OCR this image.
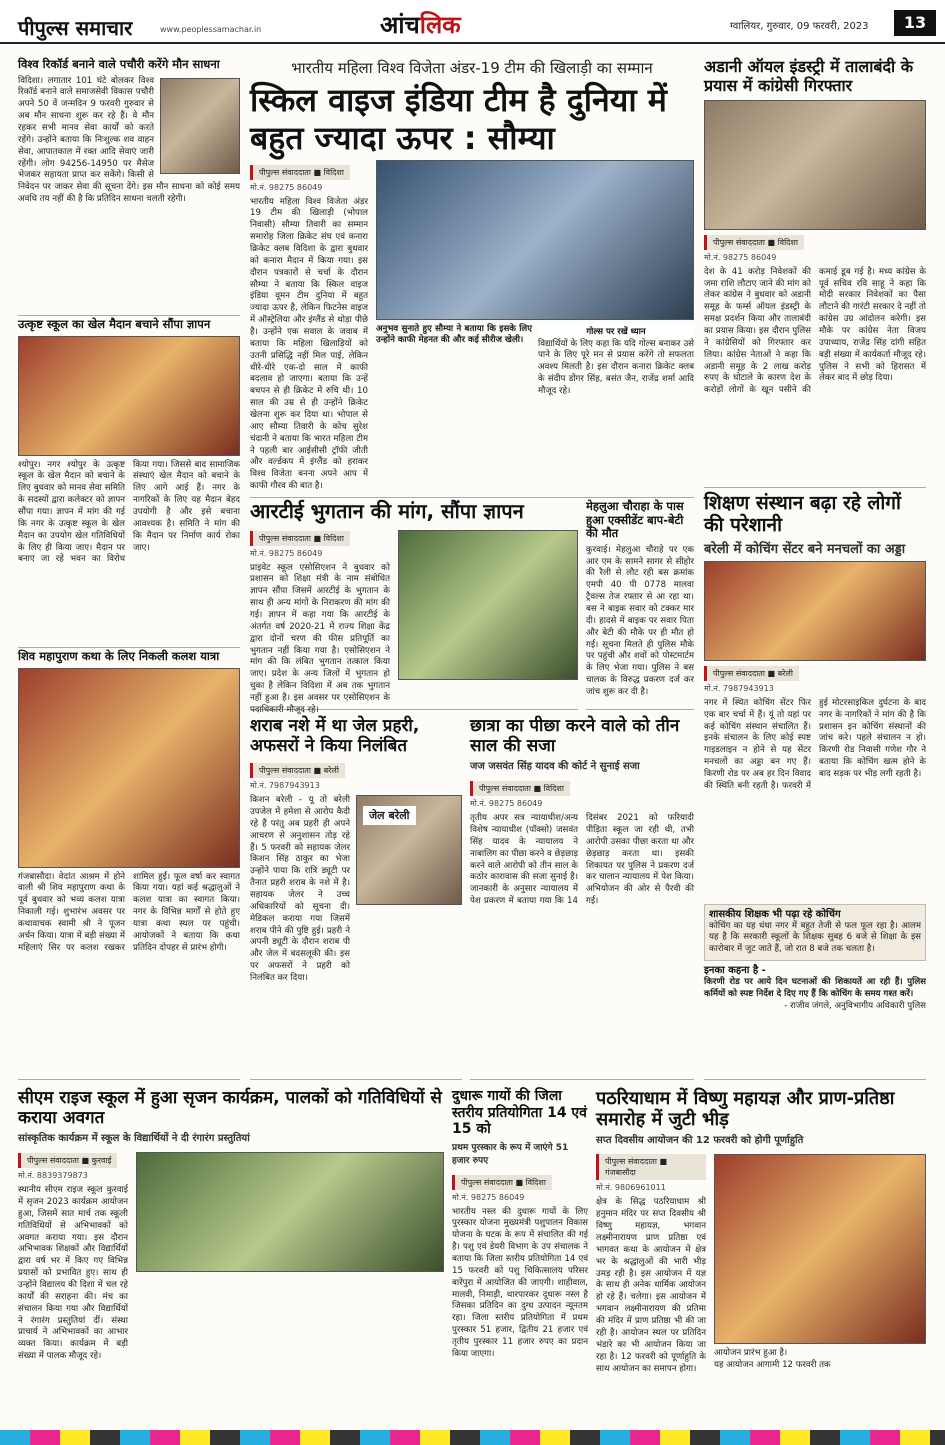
पीपुल्स समाचार	www.peoplessamachar.in	आंचलिक	ग्वालियर, गुरुवार, 09 फरवरी, 2023	13
विश्व रिकॉर्ड बनाने वाले पचौरी करेंगे मौन साधना
विदिशा। लगातार 101 घंटे बोलकर विश्व रिकॉर्ड बनाने वाले समाजसेवी विकास पचौरी अपने 50 वें जन्मदिन 9 फरवरी गुरुवार से अब मौन साधना शुरू कर रहे हैं। वे मौन रहकर सभी मानव सेवा कार्यों को करते रहेंगे। उन्होंने बताया कि निःशुल्क शव वाहन सेवा, आपातकाल में रक्त आदि सेवाएं जारी रहेंगी। लोग 94256-14950 पर मैसेज भेजकर सहायता प्राप्त कर सकेंगे। किसी से निवेदन पर जाकर सेवा की सूचना देंगे। इस मौन साधना को कोई समय अवधि तय नहीं की है कि प्रतिदिन साधना चलती रहेगी।
उत्कृष्ट स्कूल का खेल मैदान बचाने सौंपा ज्ञापन
श्योपुर। नगर श्योपुर के उत्कृष्ट स्कूल के खेल मैदान को बचाने के लिए बुधवार को मानव सेवा समिति के सदस्यों द्वारा कलेक्टर को ज्ञापन सौंपा गया। ज्ञापन में मांग की गई कि नगर के उत्कृष्ट स्कूल के खेल मैदान का उपयोग खेल गतिविधियों के लिए ही किया जाए। मैदान पर बनाए जा रहे भवन का विरोध किया गया। जिससे बाद सामाजिक संस्थाएं खेल मैदान को बचाने के लिए आगे आई हैं। नगर के नागरिकों के लिए यह मैदान बेहद उपयोगी है और इसे बचाना आवश्यक है। समिति ने मांग की कि मैदान पर निर्माण कार्य रोका जाए।
शिव महापुराण कथा के लिए निकली कलश यात्रा
गंजबासौदा। वेदांत आश्रम में होने वाली श्री शिव महापुराण कथा के पूर्व बुधवार को भव्य कलश यात्रा निकाली गई। शुभारंभ अवसर पर कथावाचक स्वामी श्री ने पूजन अर्चन किया। यात्रा में बड़ी संख्या में महिलाएं सिर पर कलश रखकर शामिल हुईं। फूल वर्षा कर स्वागत किया गया। यहां कई श्रद्धालुओं ने कलश यात्रा का स्वागत किया। नगर के विभिन्न मार्गों से होते हुए यात्रा कथा स्थल पर पहुंची। आयोजकों ने बताया कि कथा प्रतिदिन दोपहर से प्रारंभ होगी।
भारतीय महिला विश्व विजेता अंडर-19 टीम की खिलाड़ी का सम्मान
स्किल वाइज इंडिया टीम है दुनिया में बहुत ज्यादा ऊपर : सौम्या
पीपुल्स संवाददाता ■ विदिशा
मो.नं. 98275 86049
भारतीय महिला विश्व विजेता अंडर 19 टीम की खिलाड़ी (भोपाल निवासी) सौम्या तिवारी का सम्मान समारोह जिला क्रिकेट संघ एवं कनारा क्रिकेट क्लब विदिशा के द्वारा बुधवार को कनारा मैदान में किया गया। इस दौरान पत्रकारों से चर्चा के दौरान सौम्या ने बताया कि स्किल वाइज इंडिया वूमन टीम दुनिया में बहुत ज्यादा ऊपर है, लेकिन फिटनेस वाइज में ऑस्ट्रेलिया और इंग्लैंड से थोड़ा पीछे है। उन्होंने एक सवाल के जवाब में बताया कि महिला खिलाड़ियों को उतनी प्रसिद्धि नहीं मिल पाई, लेकिन धीरे-धीरे एक-दो साल में काफी बदलाव हो जाएगा। बताया कि उन्हें बचपन से ही क्रिकेट में रुचि थी। 10 साल की उम्र से ही उन्होंने क्रिकेट खेलना शुरू कर दिया था। भोपाल से आए सौम्या तिवारी के कोच सुरेश चंदानी ने बताया कि भारत महिला टीम ने पहली बार आईसीसी ट्रॉफी जीती और वर्ल्डकप में इंग्लैंड को हराकर विश्व विजेता बनना अपने आप में काफी गौरव की बात है।
अनुभव सुनाते हुए सौम्या ने बताया कि इसके लिए उन्होंने काफी मेहनत की और कई सीरीज खेली।
गोल्स पर रखें ध्यान
विद्यार्थियों के लिए कहा कि यदि गोल्स बनाकर उसे पाने के लिए पूरे मन से प्रयास करेंगे तो सफलता अवश्य मिलती है। इस दौरान कनारा क्रिकेट क्लब के संदीप डोंगर सिंह, बसंत जैन, राजेंद्र शर्मा आदि मौजूद रहे।
अडानी ऑयल इंडस्ट्री में तालाबंदी के प्रयास में कांग्रेसी गिरफ्तार
पीपुल्स संवाददाता ■ विदिशा
मो.नं. 98275 86049
देश के 41 करोड़ निवेशकों की जमा राशि लौटाए जाने की मांग को लेकर कांग्रेस ने बुधवार को अडानी समूह के फर्म्स ऑयल इंडस्ट्री के समक्ष प्रदर्शन किया और तालाबंदी का प्रयास किया। इस दौरान पुलिस ने कांग्रेसियों को गिरफ्तार कर लिया। कांग्रेस नेताओं ने कहा कि अडानी समूह के 2 लाख करोड़ रुपए के घोटाले के कारण देश के करोड़ों लोगों के खून पसीने की कमाई डूब गई है। मध्य कांग्रेस के पूर्व सचिव रवि साहू ने कहा कि मोदी सरकार निवेशकों का पैसा लौटाने की गारंटी सरकार दे नहीं तो कांग्रेस उग्र आंदोलन करेगी। इस मौके पर कांग्रेस नेता विजय उपाध्याय, राजेंद्र सिंह दांगी सहित बड़ी संख्या में कार्यकर्ता मौजूद रहे। पुलिस ने सभी को हिरासत में लेकर बाद में छोड़ दिया।
आरटीई भुगतान की मांग, सौंपा ज्ञापन
पीपुल्स संवाददाता ■ विदिशा
मो.नं. 98275 86049
प्राइवेट स्कूल एसोसिएशन ने बुधवार को प्रशासन को शिक्षा मंत्री के नाम संबोधित ज्ञापन सौंपा जिसमें आरटीई के भुगतान के साथ ही अन्य मांगों के निराकरण की मांग की गई। ज्ञापन में कहा गया कि आरटीई के अंतर्गत वर्ष 2020-21 में राज्य शिक्षा केंद्र द्वारा दोनों चरण की फीस प्रतिपूर्ति का भुगतान नहीं किया गया है। एसोसिएशन ने मांग की कि लंबित भुगतान तत्काल किया जाए। प्रदेश के अन्य जिलों में भुगतान हो चुका है लेकिन विदिशा में अब तक भुगतान नहीं हुआ है। इस अवसर पर एसोसिएशन के पदाधिकारी मौजूद रहे।
मेहलुआ चौराहा के पास हुआ एक्सीडेंट बाप-बेटी की मौत
कुरवाई। मेहलुआ चौराहे पर एक आर एम के सामने सागर से सीहोर की रैली से लौट रही बस क्रमांक एमपी 40 पी 0778 मालवा ट्रैवल्स तेज रफ्तार से आ रहा था। बस ने बाइक सवार को टक्कर मार दी। हादसे में बाइक पर सवार पिता और बेटी की मौके पर ही मौत हो गई। सूचना मिलते ही पुलिस मौके पर पहुंची और शवों को पोस्टमार्टम के लिए भेजा गया। पुलिस ने बस चालक के विरुद्ध प्रकरण दर्ज कर जांच शुरू कर दी है।
शिक्षण संस्थान बढ़ा रहे लोगों की परेशानी
बरेली में कोचिंग सेंटर बने मनचलों का अड्डा
पीपुल्स संवाददाता ■ बरेली
मो.नं. 7987943913
नगर में स्थित कोचिंग सेंटर फिर एक बार चर्चा में हैं। यूं तो यहां पर कई कोचिंग संस्थान संचालित हैं। इनके संचालन के लिए कोई स्पष्ट गाइडलाइन न होने से यह सेंटर मनचलों का अड्डा बन गए हैं। किरणी रोड पर अब हर दिन विवाद की स्थिति बनी रहती है। फरवरी में हुई मोटरसाइकिल दुर्घटना के बाद नगर के नागरिकों ने मांग की है कि प्रशासन इन कोचिंग संस्थानों की जांच करे। पहले संचालन न हो। किरणी रोड निवासी गणेश गौर ने बताया कि कोचिंग खत्म होने के बाद सड़क पर भीड़ लगी रहती है।
शासकीय शिक्षक भी पढ़ा रहे कोचिंग
कोचिंग का यह धंधा नगर में बहुत तेजी से फल फूल रहा है। आलम यह है कि सरकारी स्कूलों के शिक्षक सुबह 6 बजे से शिक्षा के इस कारोबार में जुट जाते हैं, जो रात 8 बजे तक चलता है।
इनका कहना है -
किरणी रोड पर आये दिन घटनाओं की शिकायतें आ रही हैं। पुलिस कर्मियों को स्पष्ट निर्देश दे दिए गए हैं कि कोचिंग के समय गश्त करें।
- राजीव जंगले, अनुविभागीय अधिकारी पुलिस
शराब नशे में था जेल प्रहरी, अफसरों ने किया निलंबित
पीपुल्स संवाददाता ■ बरेली
मो.नं. 7987943913
किशन बरेली - यू तो बरेली उपजेल में हमेशा से आरोप कैदी रहे हैं परंतु अब प्रहरी ही अपने आचरण से अनुशासन तोड़ रहे हैं। 5 फरवरी को सहायक जेलर किशन सिंह ठाकुर का भेजा उन्होंने पाया कि रात्रि ड्यूटी पर तैनात प्रहरी शराब के नशे में है। सहायक जेलर ने उच्च अधिकारियों को सूचना दी। मेडिकल कराया गया जिसमें शराब पीने की पुष्टि हुई। प्रहरी ने अपनी ड्यूटी के दौरान शराब पी और जेल में बदसलूकी की। इस पर अफसरों ने प्रहरी को निलंबित कर दिया।
जेल बरेली
छात्रा का पीछा करने वाले को तीन साल की सजा
जज जसवंत सिंह यादव की कोर्ट ने सुनाई सजा
पीपुल्स संवाददाता ■ विदिशा
मो.नं. 98275 86049
तृतीय अपर सत्र न्यायाधीश/अन्य विशेष न्यायाधीश (पॉक्सो) जसवंत सिंह यादव के न्यायालय ने नाबालिग का पीछा करने व छेड़छाड़ करने वाले आरोपी को तीन साल के कठोर कारावास की सजा सुनाई है। जानकारी के अनुसार न्यायालय में पेश प्रकरण में बताया गया कि 14 दिसंबर 2021 को फरियादी पीड़िता स्कूल जा रही थी, तभी आरोपी उसका पीछा करता था और छेड़छाड़ करता था। इसकी शिकायत पर पुलिस ने प्रकरण दर्ज कर चालान न्यायालय में पेश किया। अभियोजन की ओर से पैरवी की गई।
सीएम राइज स्कूल में हुआ सृजन कार्यक्रम, पालकों को गतिविधियों से कराया अवगत
सांस्कृतिक कार्यक्रम में स्कूल के विद्यार्थियों ने दी रंगारंग प्रस्तुतियां
पीपुल्स संवाददाता ■ कुरवाई
मो.नं. 8839379873
स्थानीय सीएम राइज स्कूल कुरवाई में सृजन 2023 कार्यक्रम आयोजन हुआ, जिसमें सात मार्च तक स्कूली गतिविधियों से अभिभावकों को अवगत कराया गया। इस दौरान अभिभावक शिक्षकों और विद्यार्थियों द्वारा वर्ष भर में किए गए विभिन्न प्रयासों को प्रभावित हुए। साथ ही उन्होंने विद्यालय की दिशा में चल रहे कार्यों की सराहना की। मंच का संचालन किया गया और विद्यार्थियों ने रंगारंग प्रस्तुतियां दीं। संस्था प्राचार्य ने अभिभावकों का आभार व्यक्त किया। कार्यक्रम में बड़ी संख्या में पालक मौजूद रहे।
दुधारू गायों की जिला स्तरीय प्रतियोगिता 14 एवं 15 को
प्रथम पुरस्कार के रूप में जाएंगे 51 हजार रुपए
पीपुल्स संवाददाता ■ विदिशा
मो.नं. 98275 86049
भारतीय नस्ल की दुधारू गायों के लिए पुरस्कार योजना मुख्यमंत्री पशुपालन विकास योजना के घटक के रूप में संचालित की गई है। पशु एवं डेयरी विभाग के उप संचालक ने बताया कि जिला स्तरीय प्रतियोगिता 14 एवं 15 फरवरी को पशु चिकित्सालय परिसर बारेंपुरा में आयोजित की जाएगी। शाहीवाल, मालवी, निमाड़ी, थारपारकर दुधारू नस्ल है जिसका प्रतिदिन का दुग्ध उत्पादन न्यूनतम रहा। जिला स्तरीय प्रतियोगिता में प्रथम पुरस्कार 51 हजार, द्वितीय 21 हजार एवं तृतीय पुरस्कार 11 हजार रुपए का प्रदान किया जाएगा।
पठरियाधाम में विष्णु महायज्ञ और प्राण-प्रतिष्ठा समारोह में जुटी भीड़
सप्त दिवसीय आयोजन की 12 फरवरी को होगी पूर्णाहुति
पीपुल्स संवाददाता ■ गंजबासौदा
मो.नं. 9806961011
क्षेत्र के सिद्ध पठरियाधाम श्री हनुमान मंदिर पर सप्त दिवसीय श्री विष्णु महायज्ञ, भगवान लक्ष्मीनारायण प्राण प्रतिष्ठा एवं भागवत कथा के आयोजन में क्षेत्र भर के श्रद्धालुओं की भारी भीड़ उमड़ रही है। इस आयोजन में यज्ञ के साथ ही अनेक धार्मिक आयोजन हो रहे हैं। चलेगा। इस आयोजन में भगवान लक्ष्मीनारायण की प्रतिमा की मंदिर में प्राण प्रतिष्ठा भी की जा रही है। आयोजन स्थल पर प्रतिदिन भंडारे का भी आयोजन किया जा रहा है। 12 फरवरी को पूर्णाहुति के साथ आयोजन का समापन होगा।
आयोजन प्रारंभ हुआ है।
यह आयोजन आगामी 12 फरवरी तक
